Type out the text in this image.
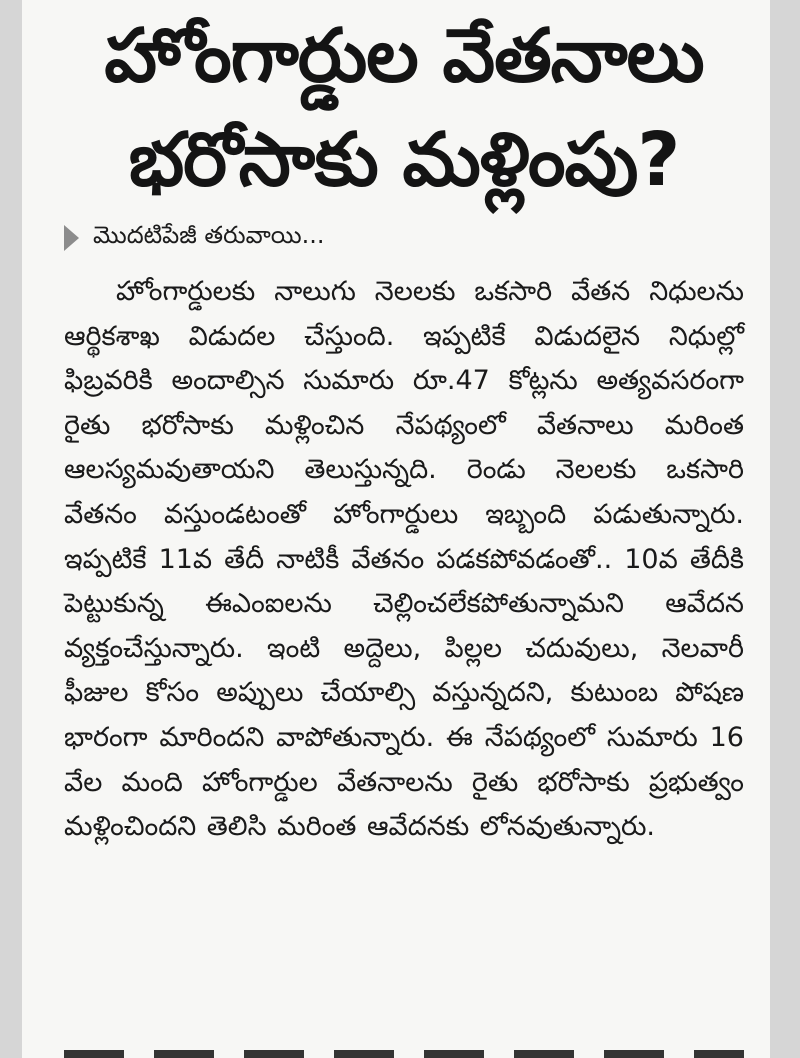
హోంగార్డుల వేతనాలు
భరోసాకు మళ్లింపు?
మొదటిపేజీ తరువాయి...

హోంగార్డులకు నాలుగు నెలలకు ఒకసారి వేతన నిధులను ఆర్థికశాఖ విడుదల చేస్తుంది. ఇప్పటికే విడుదలైన నిధుల్లో ఫిబ్రవరికి అందాల్సిన సుమారు రూ.47 కోట్లను అత్యవసరంగా రైతు భరోసాకు మళ్లించిన నేపథ్యంలో వేతనాలు మరింత ఆలస్యమవుతాయని తెలుస్తున్నది. రెండు నెలలకు ఒకసారి వేతనం వస్తుండటంతో హోంగార్డులు ఇబ్బంది పడుతున్నారు. ఇప్పటికే 11వ తేదీ నాటికీ వేతనం పడకపోవడంతో.. 10వ తేదీకి పెట్టుకున్న ఈఎంఐలను చెల్లించలేకపోతున్నామని ఆవేదన వ్యక్తంచేస్తున్నారు. ఇంటి అద్దెలు, పిల్లల చదువులు, నెలవారీ ఫీజుల కోసం అప్పులు చేయాల్సి వస్తున్నదని, కుటుంబ పోషణ భారంగా మారిందని వాపోతున్నారు. ఈ నేపథ్యంలో సుమారు 16 వేల మంది హోంగార్డుల వేతనాలను రైతు భరోసాకు ప్రభుత్వం మళ్లించిందని తెలిసి మరింత ఆవేదనకు లోనవుతున్నారు.
